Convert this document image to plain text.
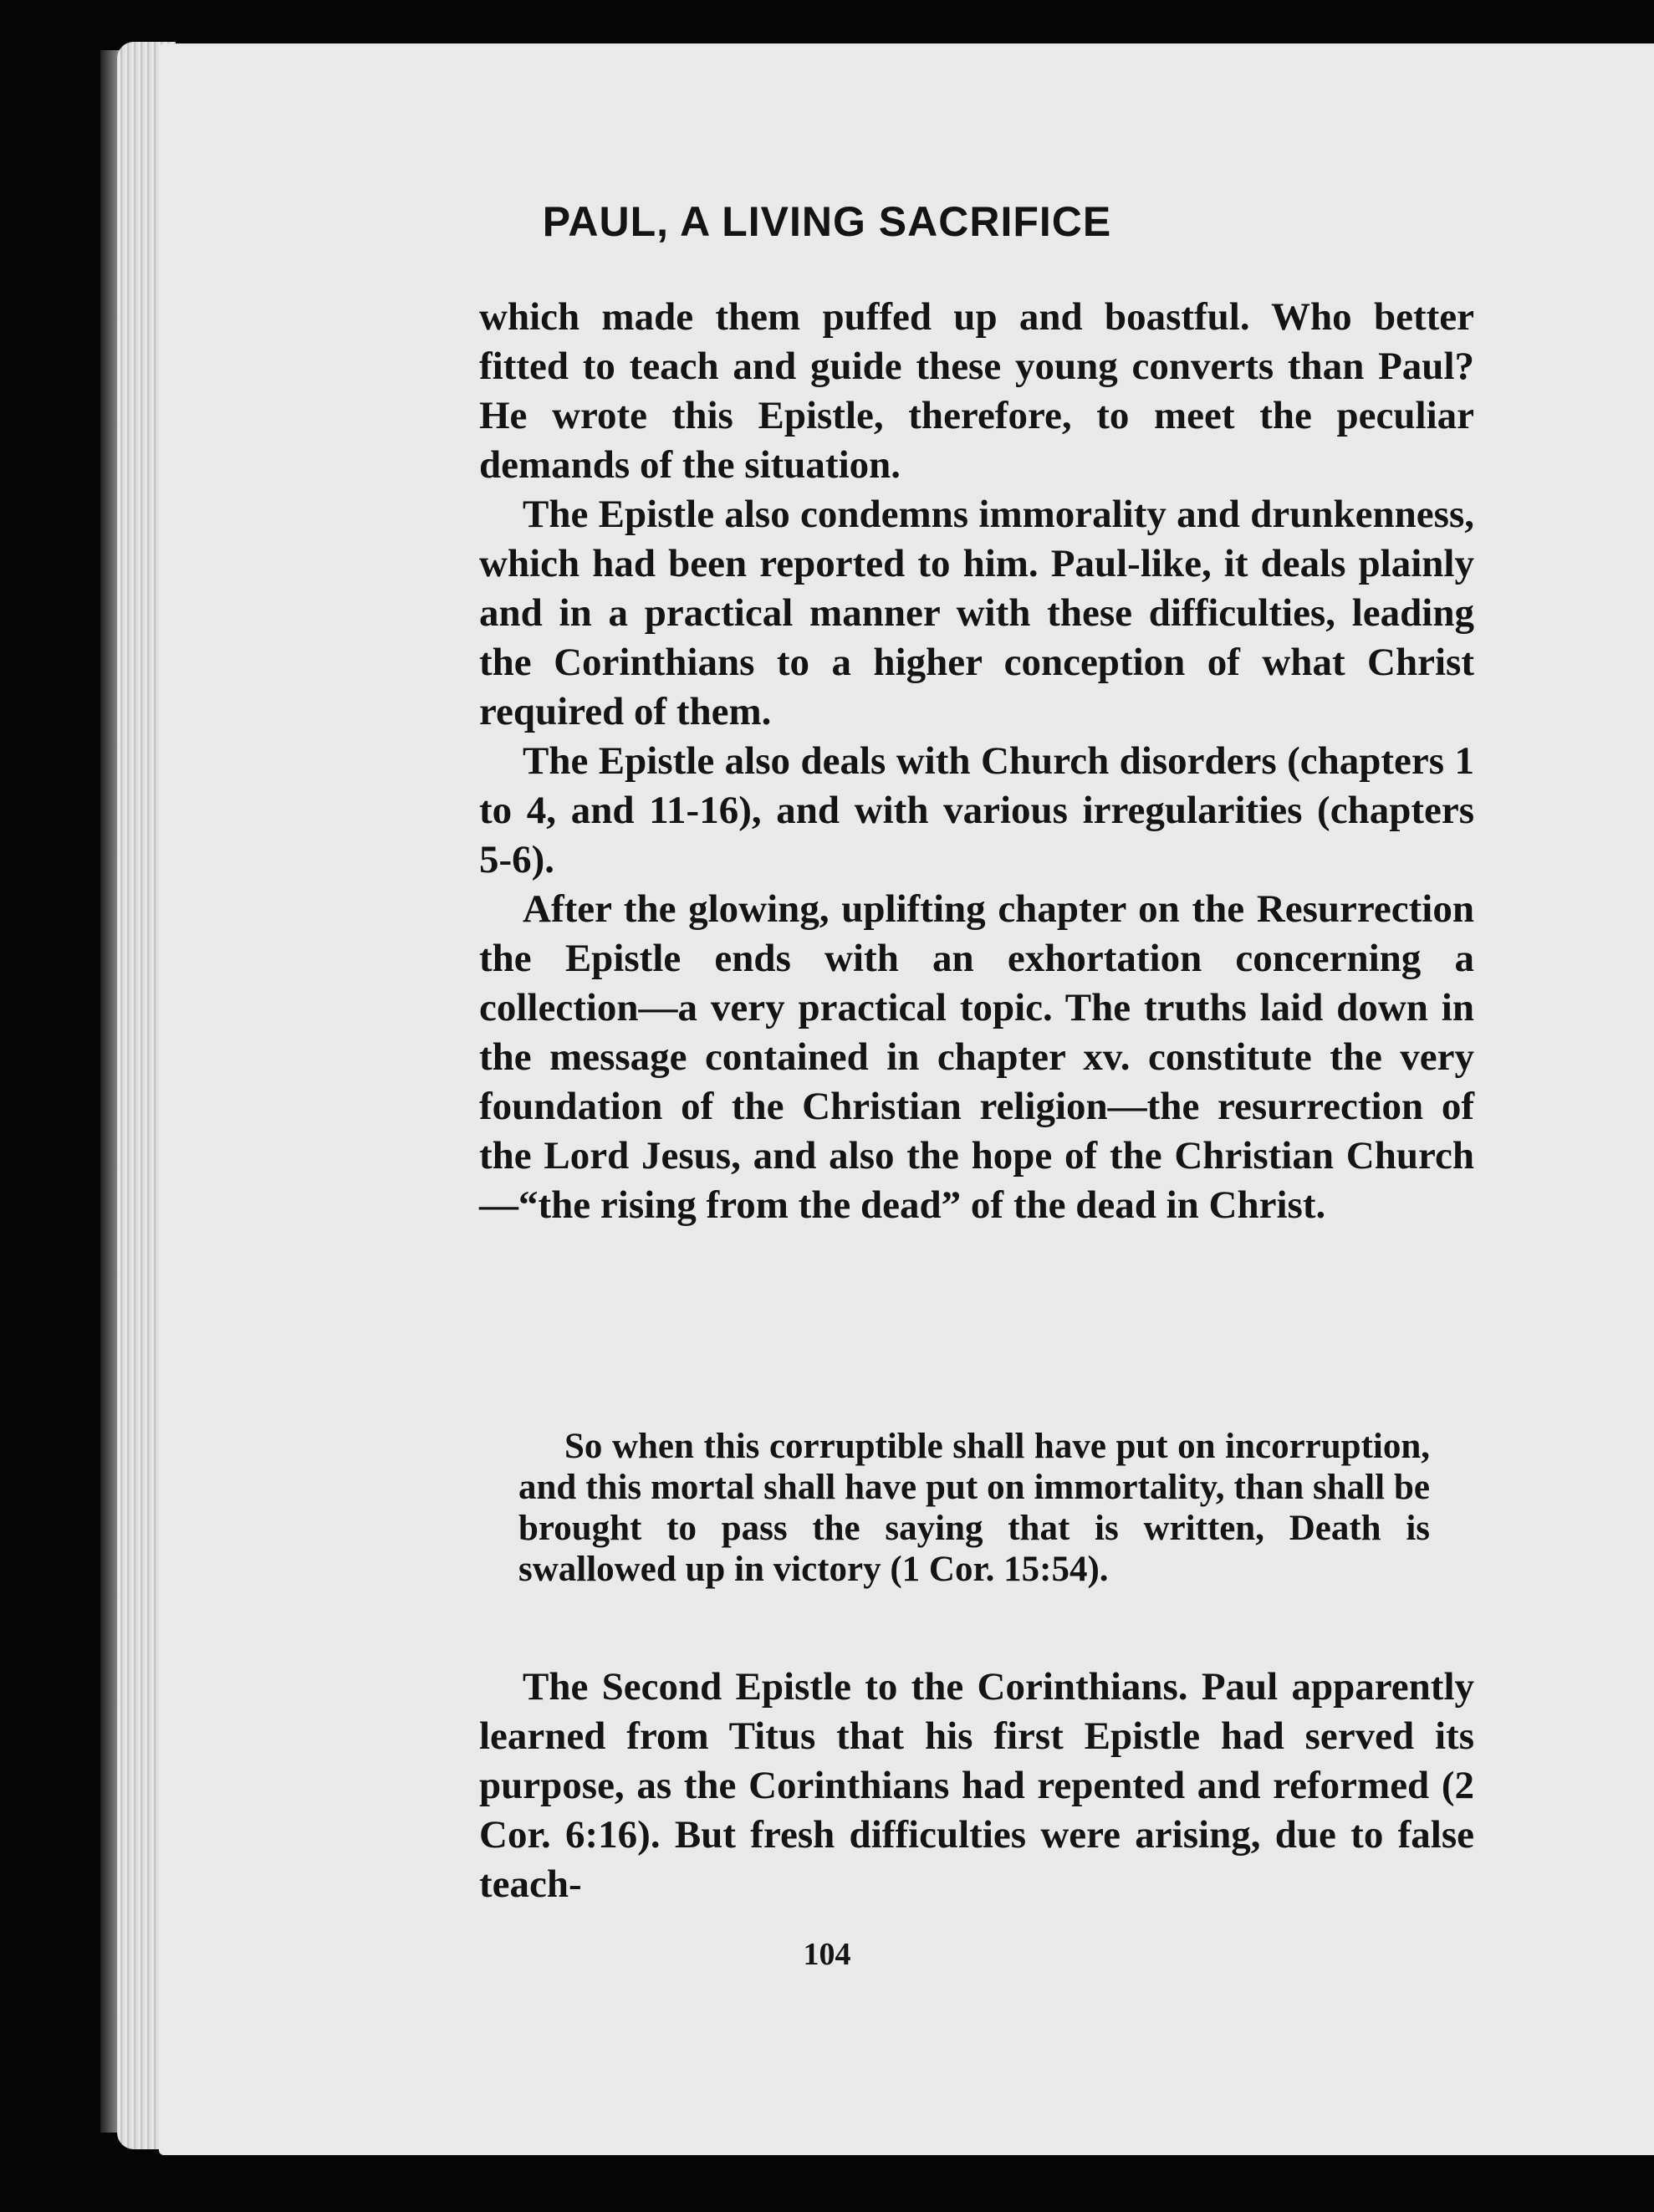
PAUL, A LIVING SACRIFICE

which made them puffed up and boastful. Who better fitted to teach and guide these young converts than Paul? He wrote this Epistle, therefore, to meet the peculiar demands of the situation.

The Epistle also condemns immorality and drunkenness, which had been reported to him. Paul-like, it deals plainly and in a practical manner with these difficulties, leading the Corinthians to a higher conception of what Christ required of them.

The Epistle also deals with Church disorders (chapters 1 to 4, and 11-16), and with various irregularities (chapters 5-6).

After the glowing, uplifting chapter on the Resurrection the Epistle ends with an exhortation concerning a collection—a very practical topic. The truths laid down in the message contained in chapter xv. constitute the very foundation of the Christian religion—the resurrection of the Lord Jesus, and also the hope of the Christian Church —“the rising from the dead” of the dead in Christ.

So when this corruptible shall have put on incorruption, and this mortal shall have put on immortality, than shall be brought to pass the saying that is written, Death is swallowed up in victory (1 Cor. 15:54).

The Second Epistle to the Corinthians. Paul apparently learned from Titus that his first Epistle had served its purpose, as the Corinthians had repented and reformed (2 Cor. 6:16). But fresh difficulties were arising, due to false teach-

104
